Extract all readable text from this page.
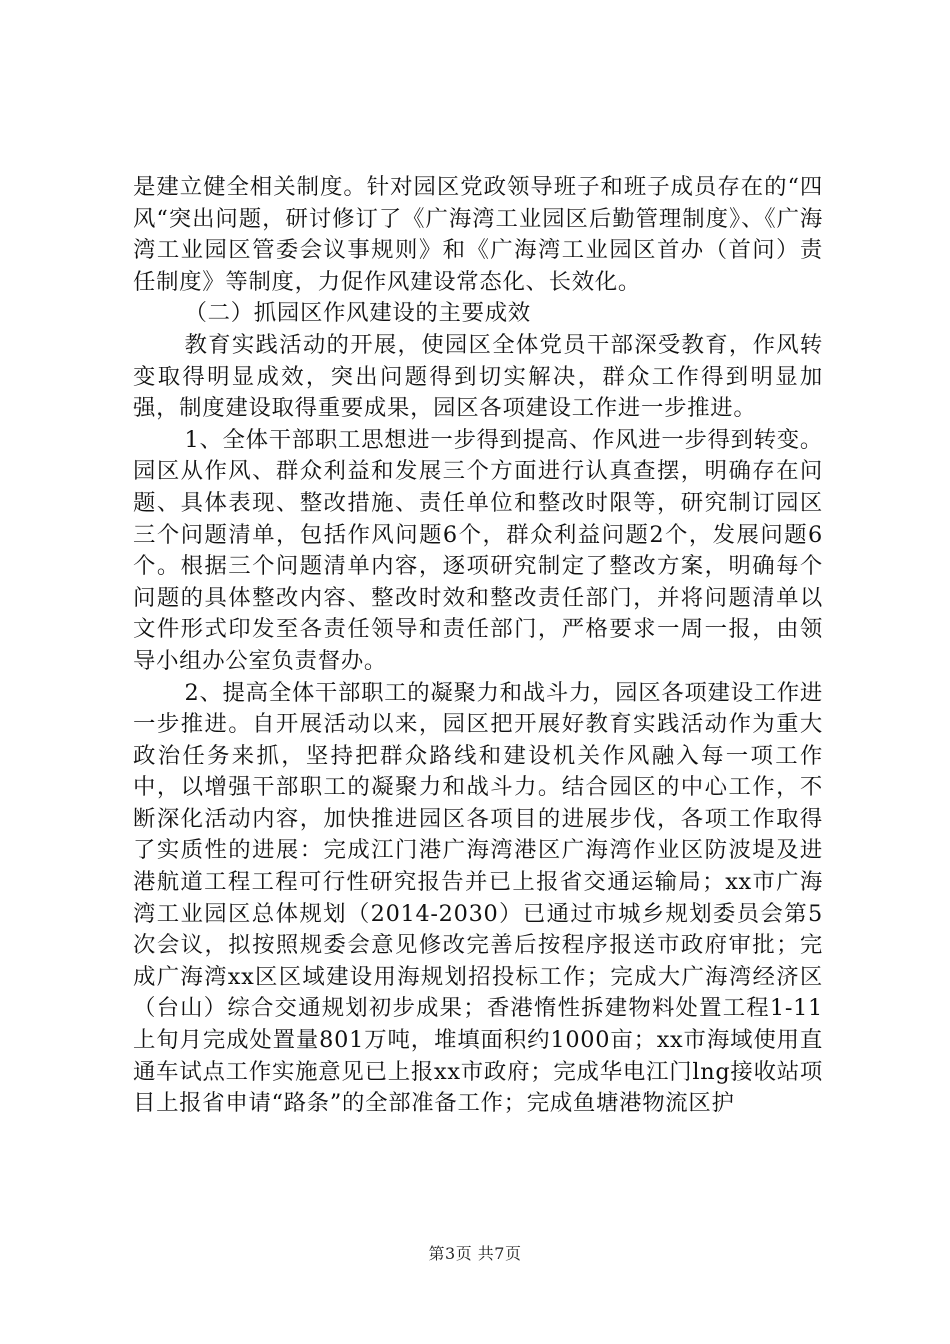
是建立健全相关制度。针对园区党政领导班子和班子成员存在的“四风“突出问题，研讨修订了《广海湾工业园区后勤管理制度》、《广海湾工业园区管委会议事规则》和《广海湾工业园区首办（首问）责任制度》等制度，力促作风建设常态化、长效化。

（二）抓园区作风建设的主要成效

教育实践活动的开展，使园区全体党员干部深受教育，作风转变取得明显成效，突出问题得到切实解决，群众工作得到明显加强，制度建设取得重要成果，园区各项建设工作进一步推进。

1、全体干部职工思想进一步得到提高、作风进一步得到转变。园区从作风、群众利益和发展三个方面进行认真查摆，明确存在问题、具体表现、整改措施、责任单位和整改时限等，研究制订园区三个问题清单，包括作风问题6个，群众利益问题2个，发展问题6个。根据三个问题清单内容，逐项研究制定了整改方案，明确每个问题的具体整改内容、整改时效和整改责任部门，并将问题清单以文件形式印发至各责任领导和责任部门，严格要求一周一报，由领导小组办公室负责督办。

2、提高全体干部职工的凝聚力和战斗力，园区各项建设工作进一步推进。自开展活动以来，园区把开展好教育实践活动作为重大政治任务来抓，坚持把群众路线和建设机关作风融入每一项工作中，以增强干部职工的凝聚力和战斗力。结合园区的中心工作，不断深化活动内容，加快推进园区各项目的进展步伐，各项工作取得了实质性的进展：完成江门港广海湾港区广海湾作业区防波堤及进港航道工程工程可行性研究报告并已上报省交通运输局；xx市广海湾工业园区总体规划（2014-2030）已通过市城乡规划委员会第5次会议，拟按照规委会意见修改完善后按程序报送市政府审批；完成广海湾xx区区域建设用海规划招投标工作；完成大广海湾经济区（台山）综合交通规划初步成果；香港惰性拆建物料处置工程1-11上旬月完成处置量801万吨，堆填面积约1000亩；xx市海域使用直通车试点工作实施意见已上报xx市政府；完成华电江门lng接收站项目上报省申请“路条”的全部准备工作；完成鱼塘港物流区护

第3页 共7页
